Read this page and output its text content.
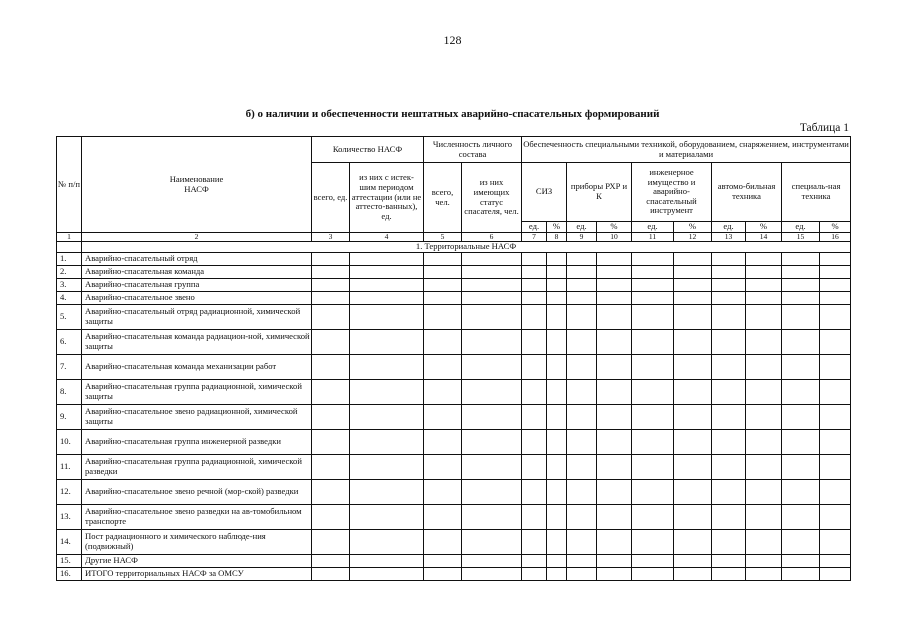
128
б) о наличии и обеспеченности нештатных аварийно-спасательных формирований
Таблица 1
№ п/п	Наименование НАСФ	Количество НАСФ		Численность личного состава		Обеспеченность специальными техникой, оборудованием, снаряжением, инструментами и материалами									
		всего, ед.	из них с истек-шим периодом аттестации (или не аттесто-ванных), ед.	всего, чел.	из них имеющих статус спасателя, чел.	СИЗ		приборы РХР и К		инженерное имущество и аварийно-спасательный инструмент		автомо-бильная техника		специаль-ная техника	
						ед.	%	ед.	%	ед.	%	ед.	%	ед.	%
1	2	3	4	5	6	7	8	9	10	11	12	13	14	15	16
	1. Территориальные НАСФ														
1.	Аварийно-спасательный отряд														
2.	Аварийно-спасательная команда														
3.	Аварийно-спасательная группа														
4.	Аварийно-спасательное звено														
5.	Аварийно-спасательный отряд радиационной, химической защиты														
6.	Аварийно-спасательная команда радиацион-ной, химической защиты														
7.	Аварийно-спасательная команда механизации работ														
8.	Аварийно-спасательная группа радиационной, химической защиты														
9.	Аварийно-спасательное звено радиационной, химической защиты														
10.	Аварийно-спасательная группа инженерной разведки														
11.	Аварийно-спасательная группа радиационной, химической разведки														
12.	Аварийно-спасательное звено речной (мор-ской) разведки														
13.	Аварийно-спасательное звено разведки на ав-томобильном транспорте														
14.	Пост радиационного и химического наблюде-ния (подвижный)														
15.	Другие НАСФ														
16.	ИТОГО территориальных НАСФ за ОМСУ														
